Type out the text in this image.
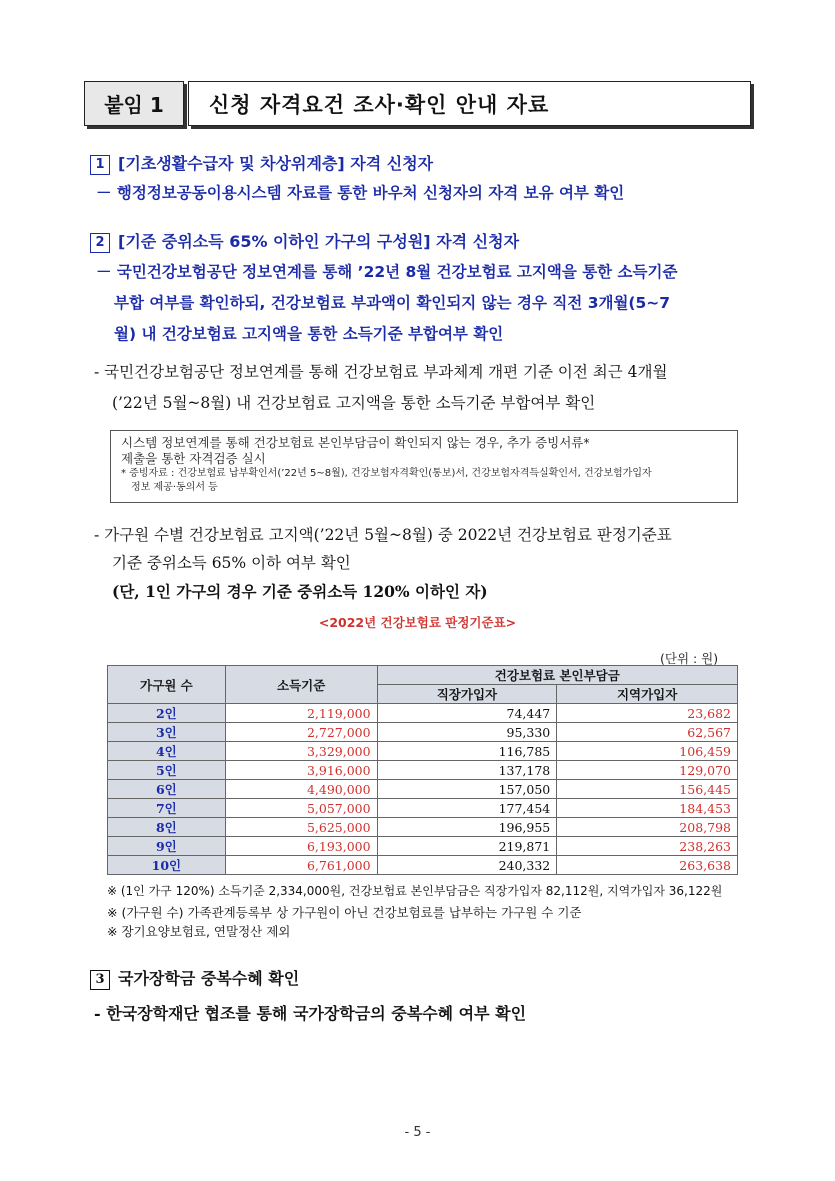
붙임 1	신청 자격요건 조사·확인 안내 자료
1 [기초생활수급자 및 차상위계층] 자격 신청자
－ 행정정보공동이용시스템 자료를 통한 바우처 신청자의 자격 보유 여부 확인
2 [기준 중위소득 65% 이하인 가구의 구성원] 자격 신청자
－ 국민건강보험공단 정보연계를 통해 ’22년 8월 건강보험료 고지액을 통한 소득기준
부합 여부를 확인하되, 건강보험료 부과액이 확인되지 않는 경우 직전 3개월(5~7
월) 내 건강보험료 고지액을 통한 소득기준 부합여부 확인
- 국민건강보험공단 정보연계를 통해 건강보험료 부과체계 개편 기준 이전 최근 4개월
(’22년 5월~8월) 내 건강보험료 고지액을 통한 소득기준 부합여부 확인
시스템 정보연계를 통해 건강보험료 본인부담금이 확인되지 않는 경우, 추가 증빙서류*
제출을 통한 자격검증 실시
* 증빙자료 : 건강보험료 납부확인서(’22년 5~8월), 건강보험자격확인(통보)서, 건강보험자격득실확인서, 건강보험가입자
정보 제공·동의서 등
- 가구원 수별 건강보험료 고지액(’22년 5월~8월) 중 2022년 건강보험료 판정기준표
기준 중위소득 65% 이하 여부 확인
(단, 1인 가구의 경우 기준 중위소득 120% 이하인 자)
<2022년 건강보험료 판정기준표>
(단위 : 원)
가구원 수	소득기준	건강보험료 본인부담금	
		직장가입자	지역가입자
2인	2,119,000	74,447	23,682
3인	2,727,000	95,330	62,567
4인	3,329,000	116,785	106,459
5인	3,916,000	137,178	129,070
6인	4,490,000	157,050	156,445
7인	5,057,000	177,454	184,453
8인	5,625,000	196,955	208,798
9인	6,193,000	219,871	238,263
10인	6,761,000	240,332	263,638
※ (1인 가구 120%) 소득기준 2,334,000원, 건강보험료 본인부담금은 직장가입자 82,112원, 지역가입자 36,122원
※ (가구원 수) 가족관계등록부 상 가구원이 아닌 건강보험료를 납부하는 가구원 수 기준
※ 장기요양보험료, 연말정산 제외
3 국가장학금 중복수혜 확인
- 한국장학재단 협조를 통해 국가장학금의 중복수혜 여부 확인
- 5 -
